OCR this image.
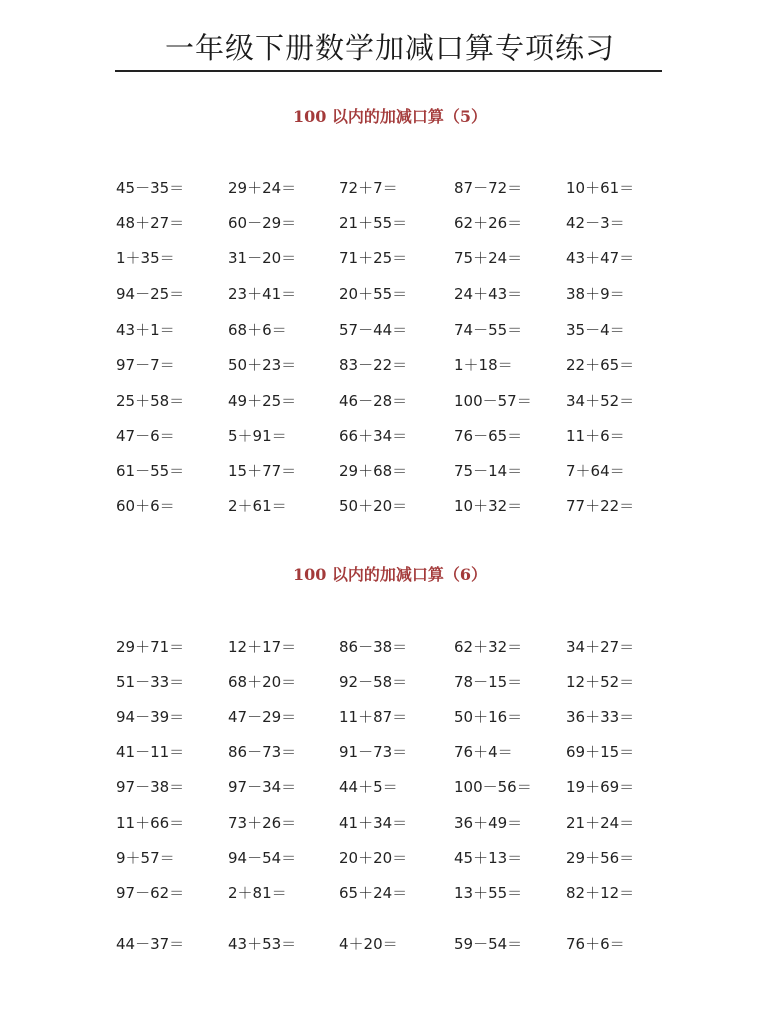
一年级下册数学加减口算专项练习
100 以内的加减口算（5）
100 以内的加减口算（6）
45－35＝	29＋24＝	72＋7＝	87－72＝	10＋61＝
48＋27＝	60－29＝	21＋55＝	62＋26＝	42－3＝
1＋35＝	31－20＝	71＋25＝	75＋24＝	43＋47＝
94－25＝	23＋41＝	20＋55＝	24＋43＝	38＋9＝
43＋1＝	68＋6＝	57－44＝	74－55＝	35－4＝
97－7＝	50＋23＝	83－22＝	1＋18＝	22＋65＝
25＋58＝	49＋25＝	46－28＝	100－57＝ 34＋52＝
47－6＝	5＋91＝	66＋34＝	76－65＝	11＋6＝
61－55＝	15＋77＝	29＋68＝	75－14＝	7＋64＝
60＋6＝	2＋61＝	50＋20＝	10＋32＝	77＋22＝
29＋71＝	12＋17＝	86－38＝	62＋32＝	34＋27＝
51－33＝	68＋20＝	92－58＝	78－15＝	12＋52＝
94－39＝	47－29＝	11＋87＝	50＋16＝	36＋33＝
41－11＝	86－73＝	91－73＝	76＋4＝	69＋15＝
97－38＝	97－34＝	44＋5＝	100－56＝ 19＋69＝
11＋66＝	73＋26＝	41＋34＝	36＋49＝	21＋24＝
9＋57＝	94－54＝	20＋20＝	45＋13＝	29＋56＝
97－62＝	2＋81＝	65＋24＝	13＋55＝	82＋12＝
44－37＝	43＋53＝	4＋20＝	59－54＝	76＋6＝
